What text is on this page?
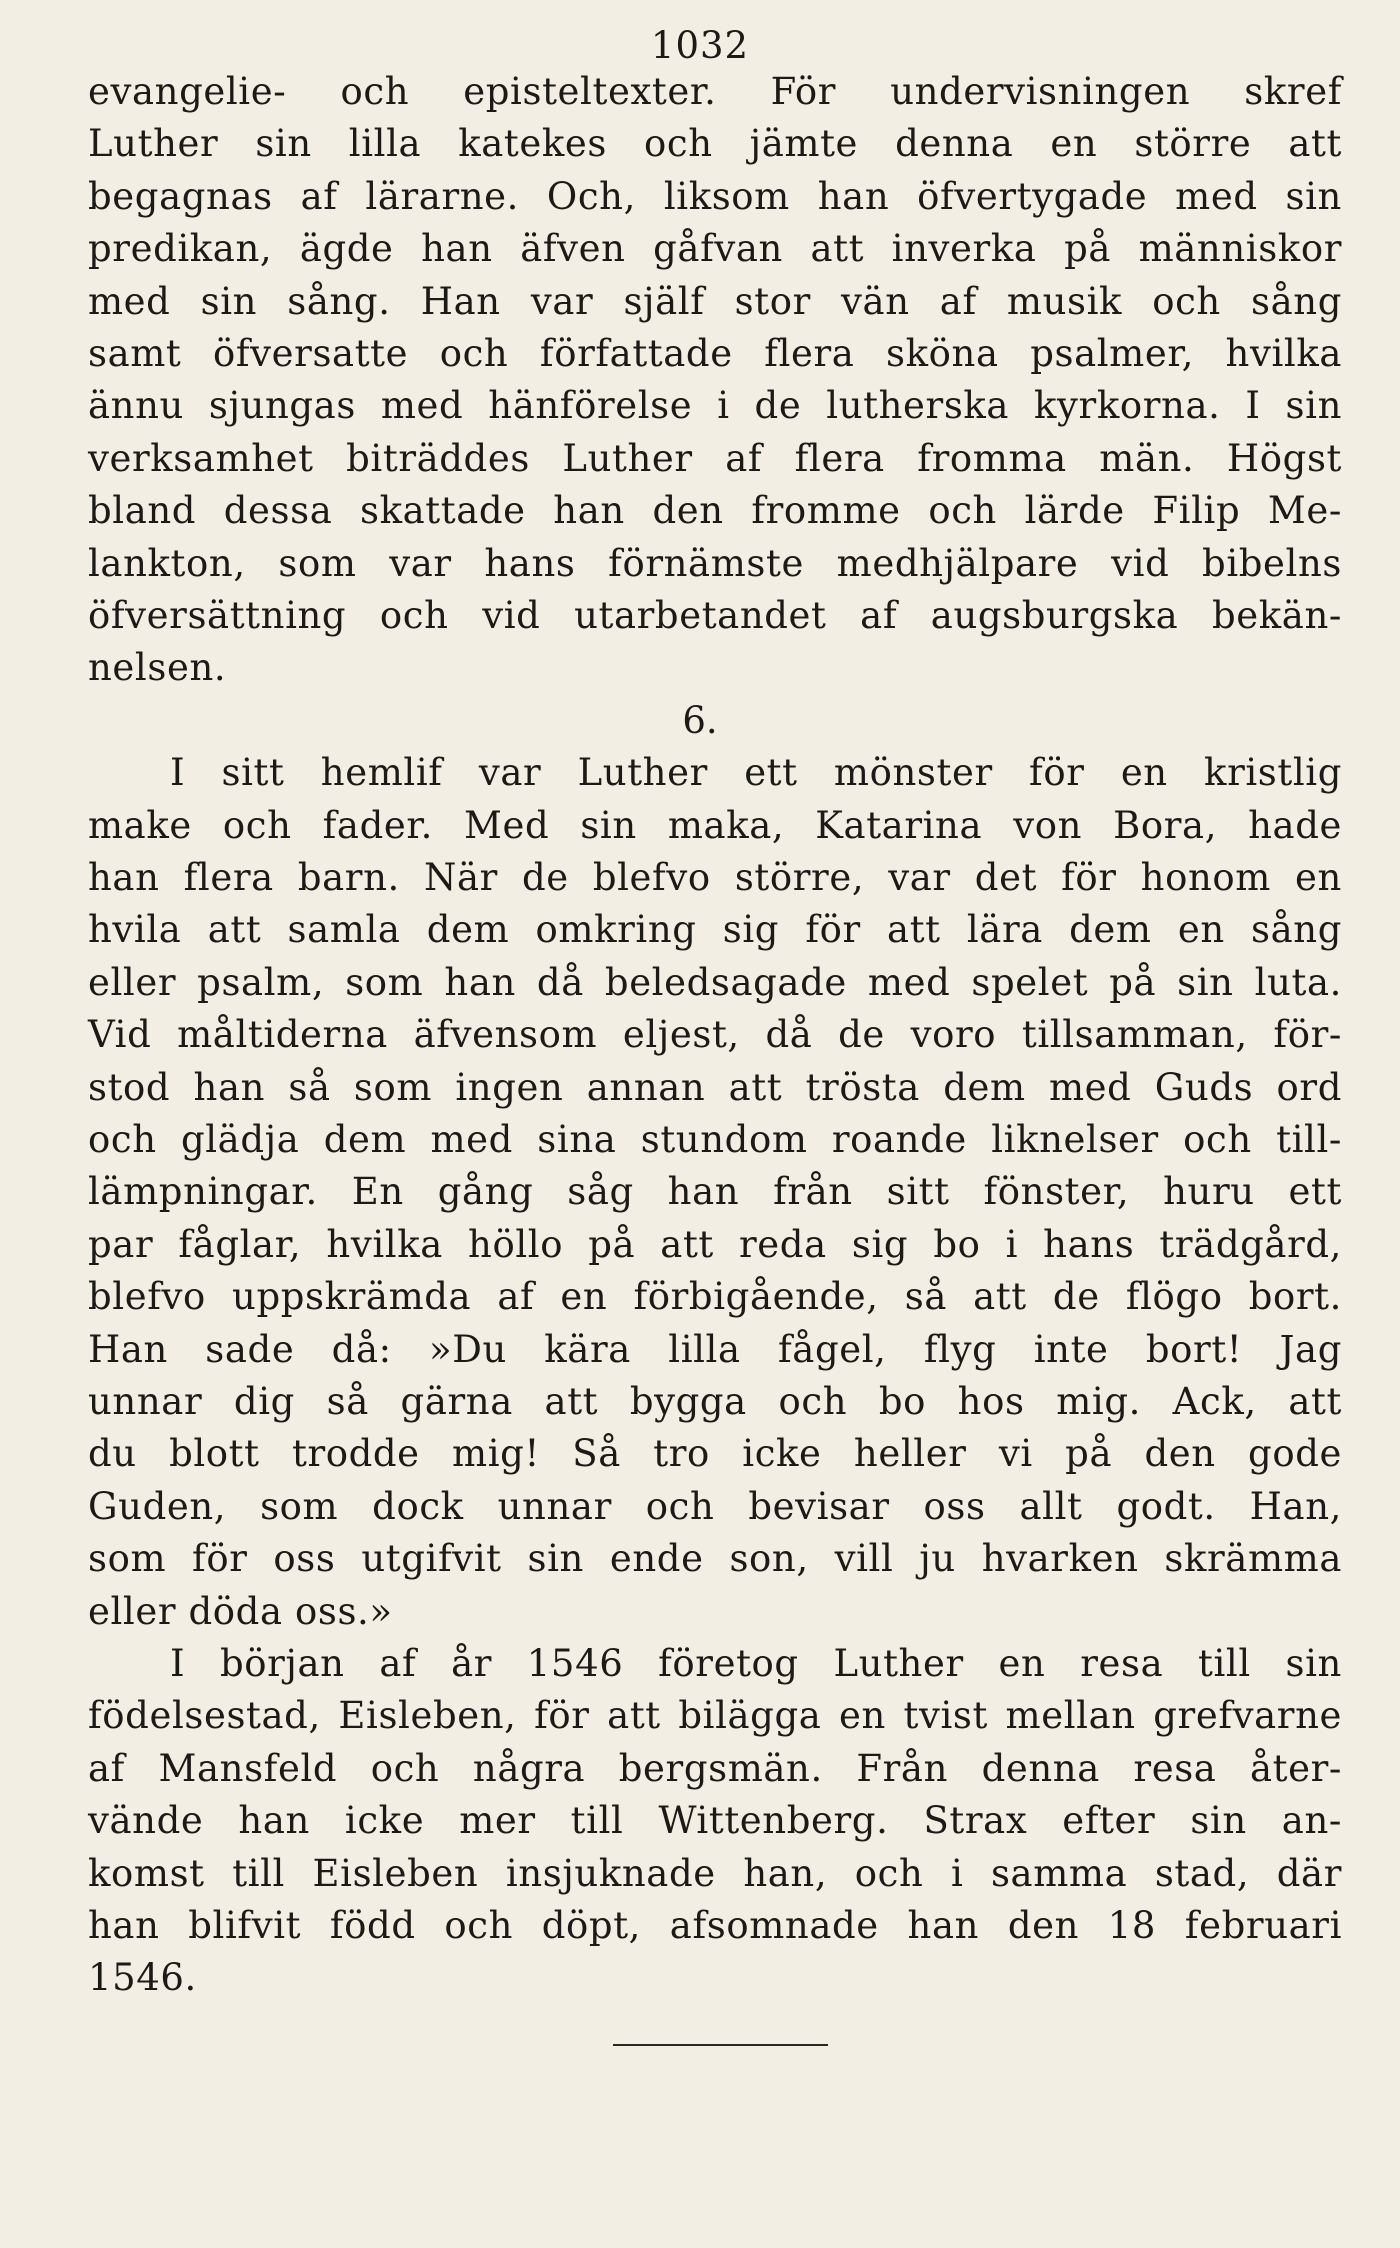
1032
evangelie- och episteltexter. För undervisningen skref
Luther sin lilla katekes och jämte denna en större att
begagnas af lärarne. Och, liksom han öfvertygade med sin
predikan, ägde han äfven gåfvan att inverka på människor
med sin sång. Han var själf stor vän af musik och sång
samt öfversatte och författade flera sköna psalmer, hvilka
ännu sjungas med hänförelse i de lutherska kyrkorna. I sin
verksamhet biträddes Luther af flera fromma män. Högst
bland dessa skattade han den fromme och lärde Filip Me-
lankton, som var hans förnämste medhjälpare vid bibelns
öfversättning och vid utarbetandet af augsburgska bekän-
nelsen.
6.
I sitt hemlif var Luther ett mönster för en kristlig
make och fader. Med sin maka, Katarina von Bora, hade
han flera barn. När de blefvo större, var det för honom en
hvila att samla dem omkring sig för att lära dem en sång
eller psalm, som han då beledsagade med spelet på sin luta.
Vid måltiderna äfvensom eljest, då de voro tillsamman, för-
stod han så som ingen annan att trösta dem med Guds ord
och glädja dem med sina stundom roande liknelser och till-
lämpningar. En gång såg han från sitt fönster, huru ett
par fåglar, hvilka höllo på att reda sig bo i hans trädgård,
blefvo uppskrämda af en förbigående, så att de flögo bort.
Han sade då: »Du kära lilla fågel, flyg inte bort! Jag
unnar dig så gärna att bygga och bo hos mig. Ack, att
du blott trodde mig! Så tro icke heller vi på den gode
Guden, som dock unnar och bevisar oss allt godt. Han,
som för oss utgifvit sin ende son, vill ju hvarken skrämma
eller döda oss.»
I början af år 1546 företog Luther en resa till sin
födelsestad, Eisleben, för att bilägga en tvist mellan grefvarne
af Mansfeld och några bergsmän. Från denna resa åter-
vände han icke mer till Wittenberg. Strax efter sin an-
komst till Eisleben insjuknade han, och i samma stad, där
han blifvit född och döpt, afsomnade han den 18 februari
1546.
